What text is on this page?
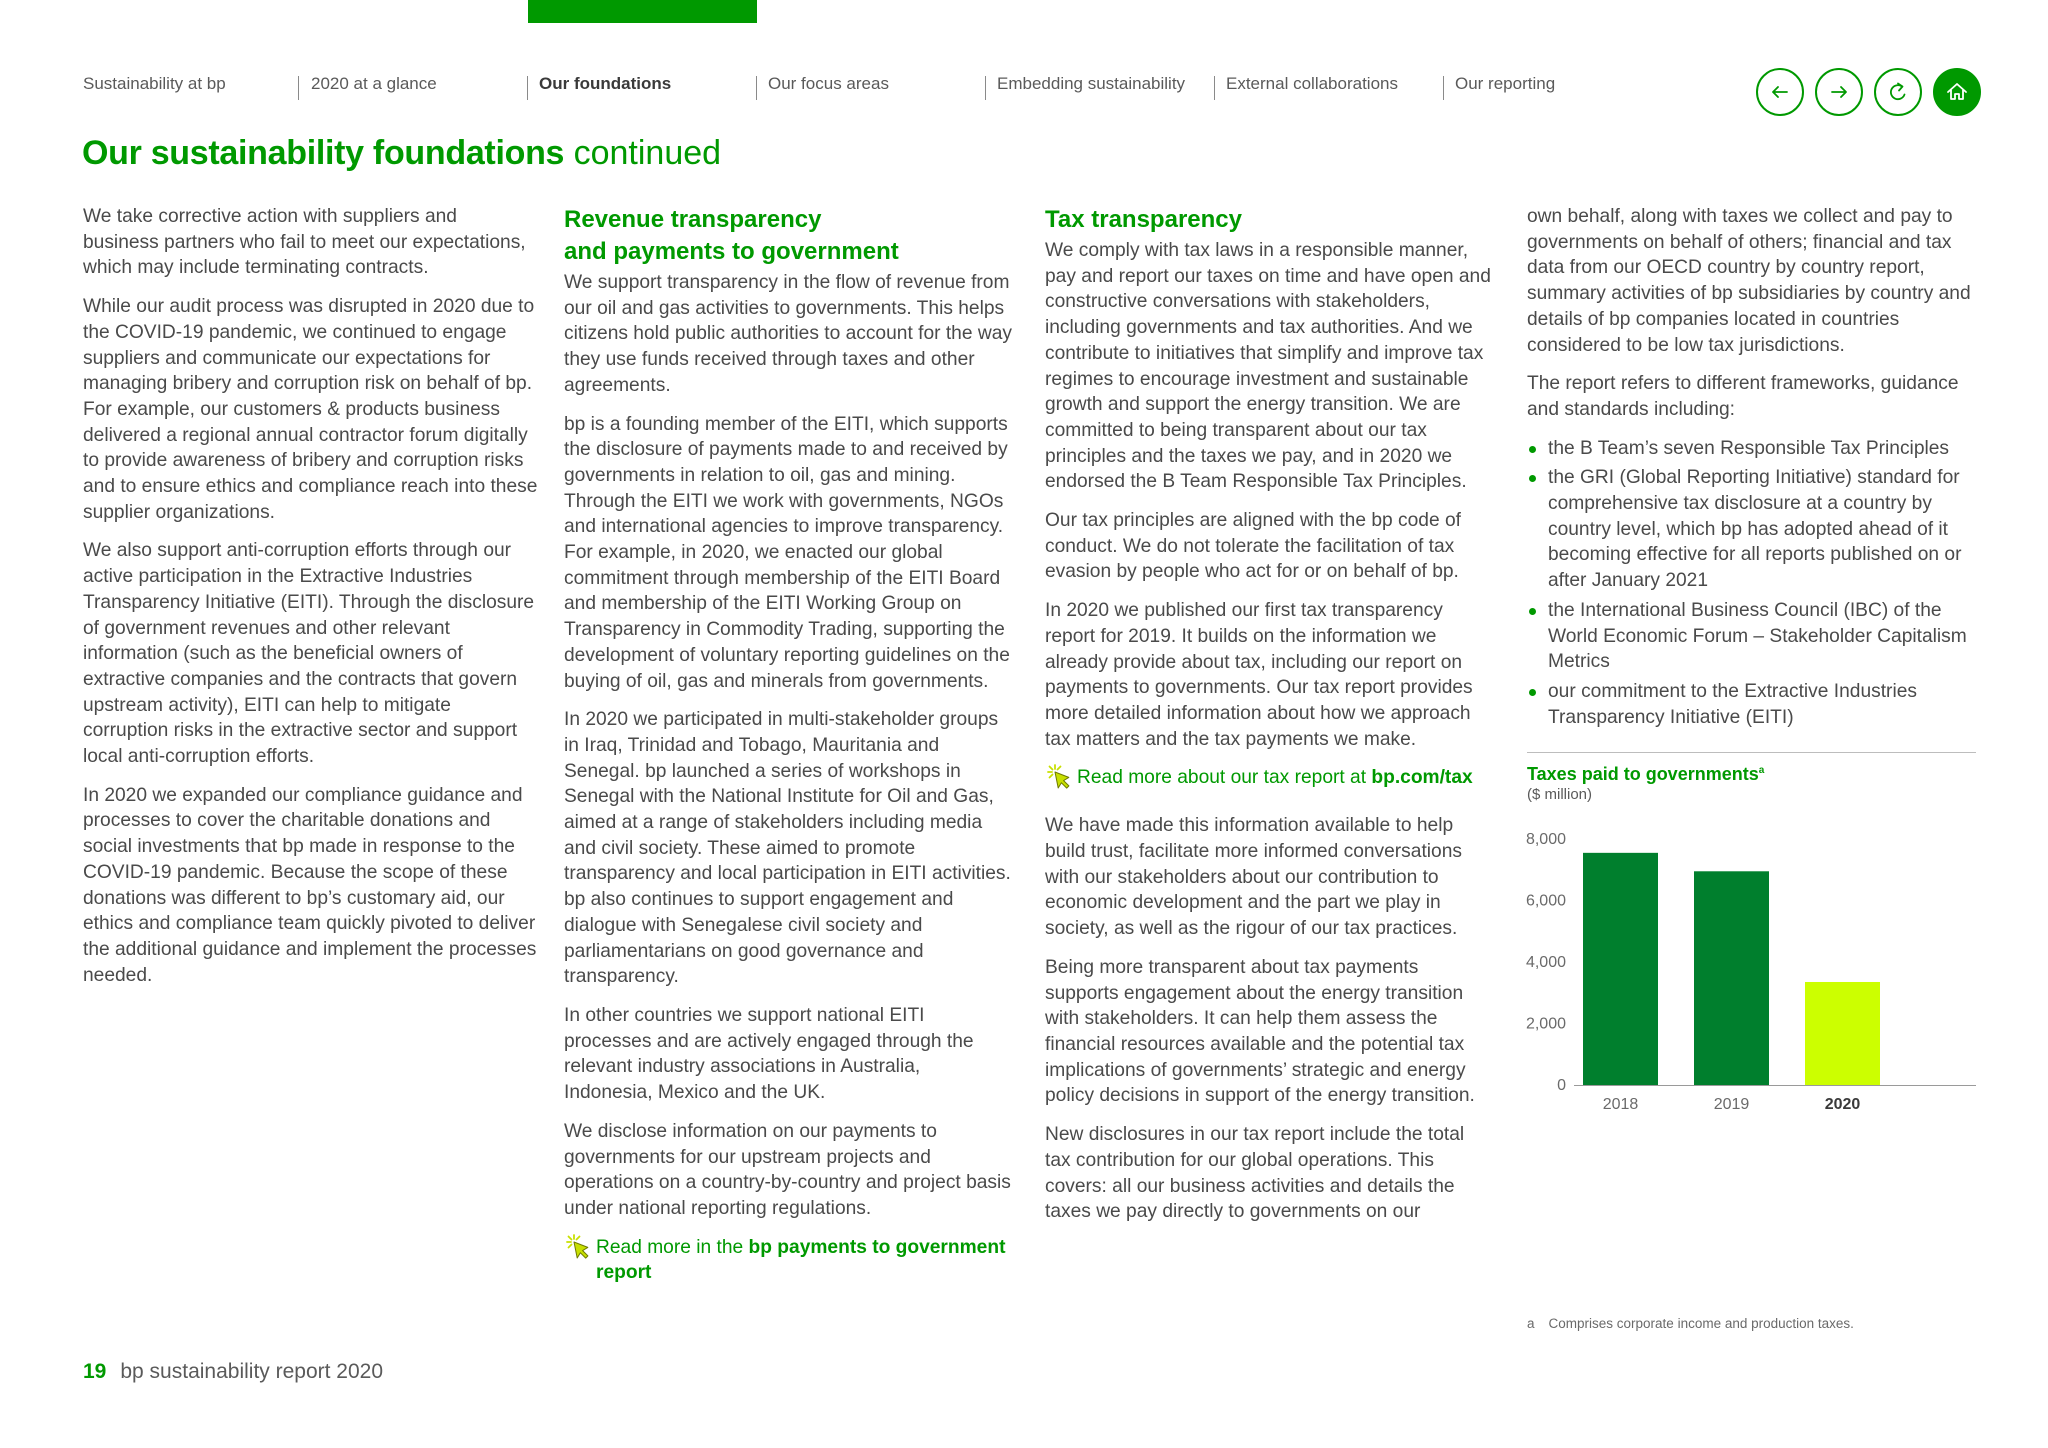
Sustainability at bp	2020 at a glance	Our foundations	Our focus areas	Embedding sustainability External collaborations	Our reporting
Our sustainability foundations continued

We take corrective action with suppliers and business partners who fail to meet our expectations, which may include terminating contracts.

While our audit process was disrupted in 2020 due to the COVID-19 pandemic, we continued to engage suppliers and communicate our expectations for managing bribery and corruption risk on behalf of bp. For example, our customers & products business delivered a regional annual contractor forum digitally to provide awareness of bribery and corruption risks and to ensure ethics and compliance reach into these supplier organizations.

We also support anti-corruption efforts through our active participation in the Extractive Industries Transparency Initiative (EITI). Through the disclosure of government revenues and other relevant information (such as the beneficial owners of extractive companies and the contracts that govern upstream activity), EITI can help to mitigate corruption risks in the extractive sector and support local anti-corruption efforts.

In 2020 we expanded our compliance guidance and processes to cover the charitable donations and social investments that bp made in response to the COVID-19 pandemic. Because the scope of these donations was different to bp’s customary aid, our ethics and compliance team quickly pivoted to deliver the additional guidance and implement the processes needed.

Revenue transparency
and payments to government

We support transparency in the flow of revenue from our oil and gas activities to governments. This helps citizens hold public authorities to account for the way they use funds received through taxes and other agreements.

bp is a founding member of the EITI, which supports the disclosure of payments made to and received by governments in relation to oil, gas and mining. Through the EITI we work with governments, NGOs and international agencies to improve transparency. For example, in 2020, we enacted our global commitment through membership of the EITI Board and membership of the EITI Working Group on Transparency in Commodity Trading, supporting the development of voluntary reporting guidelines on the buying of oil, gas and minerals from governments.

In 2020 we participated in multi-stakeholder groups in Iraq, Trinidad and Tobago, Mauritania and Senegal. bp launched a series of workshops in Senegal with the National Institute for Oil and Gas, aimed at a range of stakeholders including media and civil society. These aimed to promote transparency and local participation in EITI activities. bp also continues to support engagement and dialogue with Senegalese civil society and parliamentarians on good governance and transparency.

In other countries we support national EITI processes and are actively engaged through the relevant industry associations in Australia, Indonesia, Mexico and the UK.

We disclose information on our payments to governments for our upstream projects and operations on a country-by-country and project basis under national reporting regulations.

Read more in the bp payments to government report
Tax transparency

We comply with tax laws in a responsible manner, pay and report our taxes on time and have open and constructive conversations with stakeholders, including governments and tax authorities. And we contribute to initiatives that simplify and improve tax regimes to encourage investment and sustainable growth and support the energy transition. We are committed to being transparent about our tax principles and the taxes we pay, and in 2020 we endorsed the B Team Responsible Tax Principles.

Our tax principles are aligned with the bp code of conduct. We do not tolerate the facilitation of tax evasion by people who act for or on behalf of bp.

In 2020 we published our first tax transparency report for 2019. It builds on the information we already provide about tax, including our report on payments to governments. Our tax report provides more detailed information about how we approach tax matters and the tax payments we make.

Read more about our tax report at bp.com/tax

We have made this information available to help build trust, facilitate more informed conversations with our stakeholders about our contribution to economic development and the part we play in society, as well as the rigour of our tax practices.

Being more transparent about tax payments supports engagement about the energy transition with stakeholders. It can help them assess the financial resources available and the potential tax implications of governments’ strategic and energy policy decisions in support of the energy transition.

New disclosures in our tax report include the total tax contribution for our global operations. This covers: all our business activities and details the taxes we pay directly to governments on our

own behalf, along with taxes we collect and pay to governments on behalf of others; financial and tax data from our OECD country by country report, summary activities of bp subsidiaries by country and details of bp companies located in countries considered to be low tax jurisdictions.

The report refers to different frameworks, guidance and standards including:

the B Team’s seven Responsible Tax Principles
the GRI (Global Reporting Initiative) standard for comprehensive tax disclosure at a country by country level, which bp has adopted ahead of it becoming effective for all reports published on or after January 2021
the International Business Council (IBC) of the World Economic Forum – Stakeholder Capitalism Metrics
our commitment to the Extractive Industries Transparency Initiative (EITI)
Taxes paid to governments$^a$
($ million)
8,000
6,000
4,000
2,000
0
2018	2019	2020
a Comprises corporate income and production taxes.
19 bp sustainability report 2020
